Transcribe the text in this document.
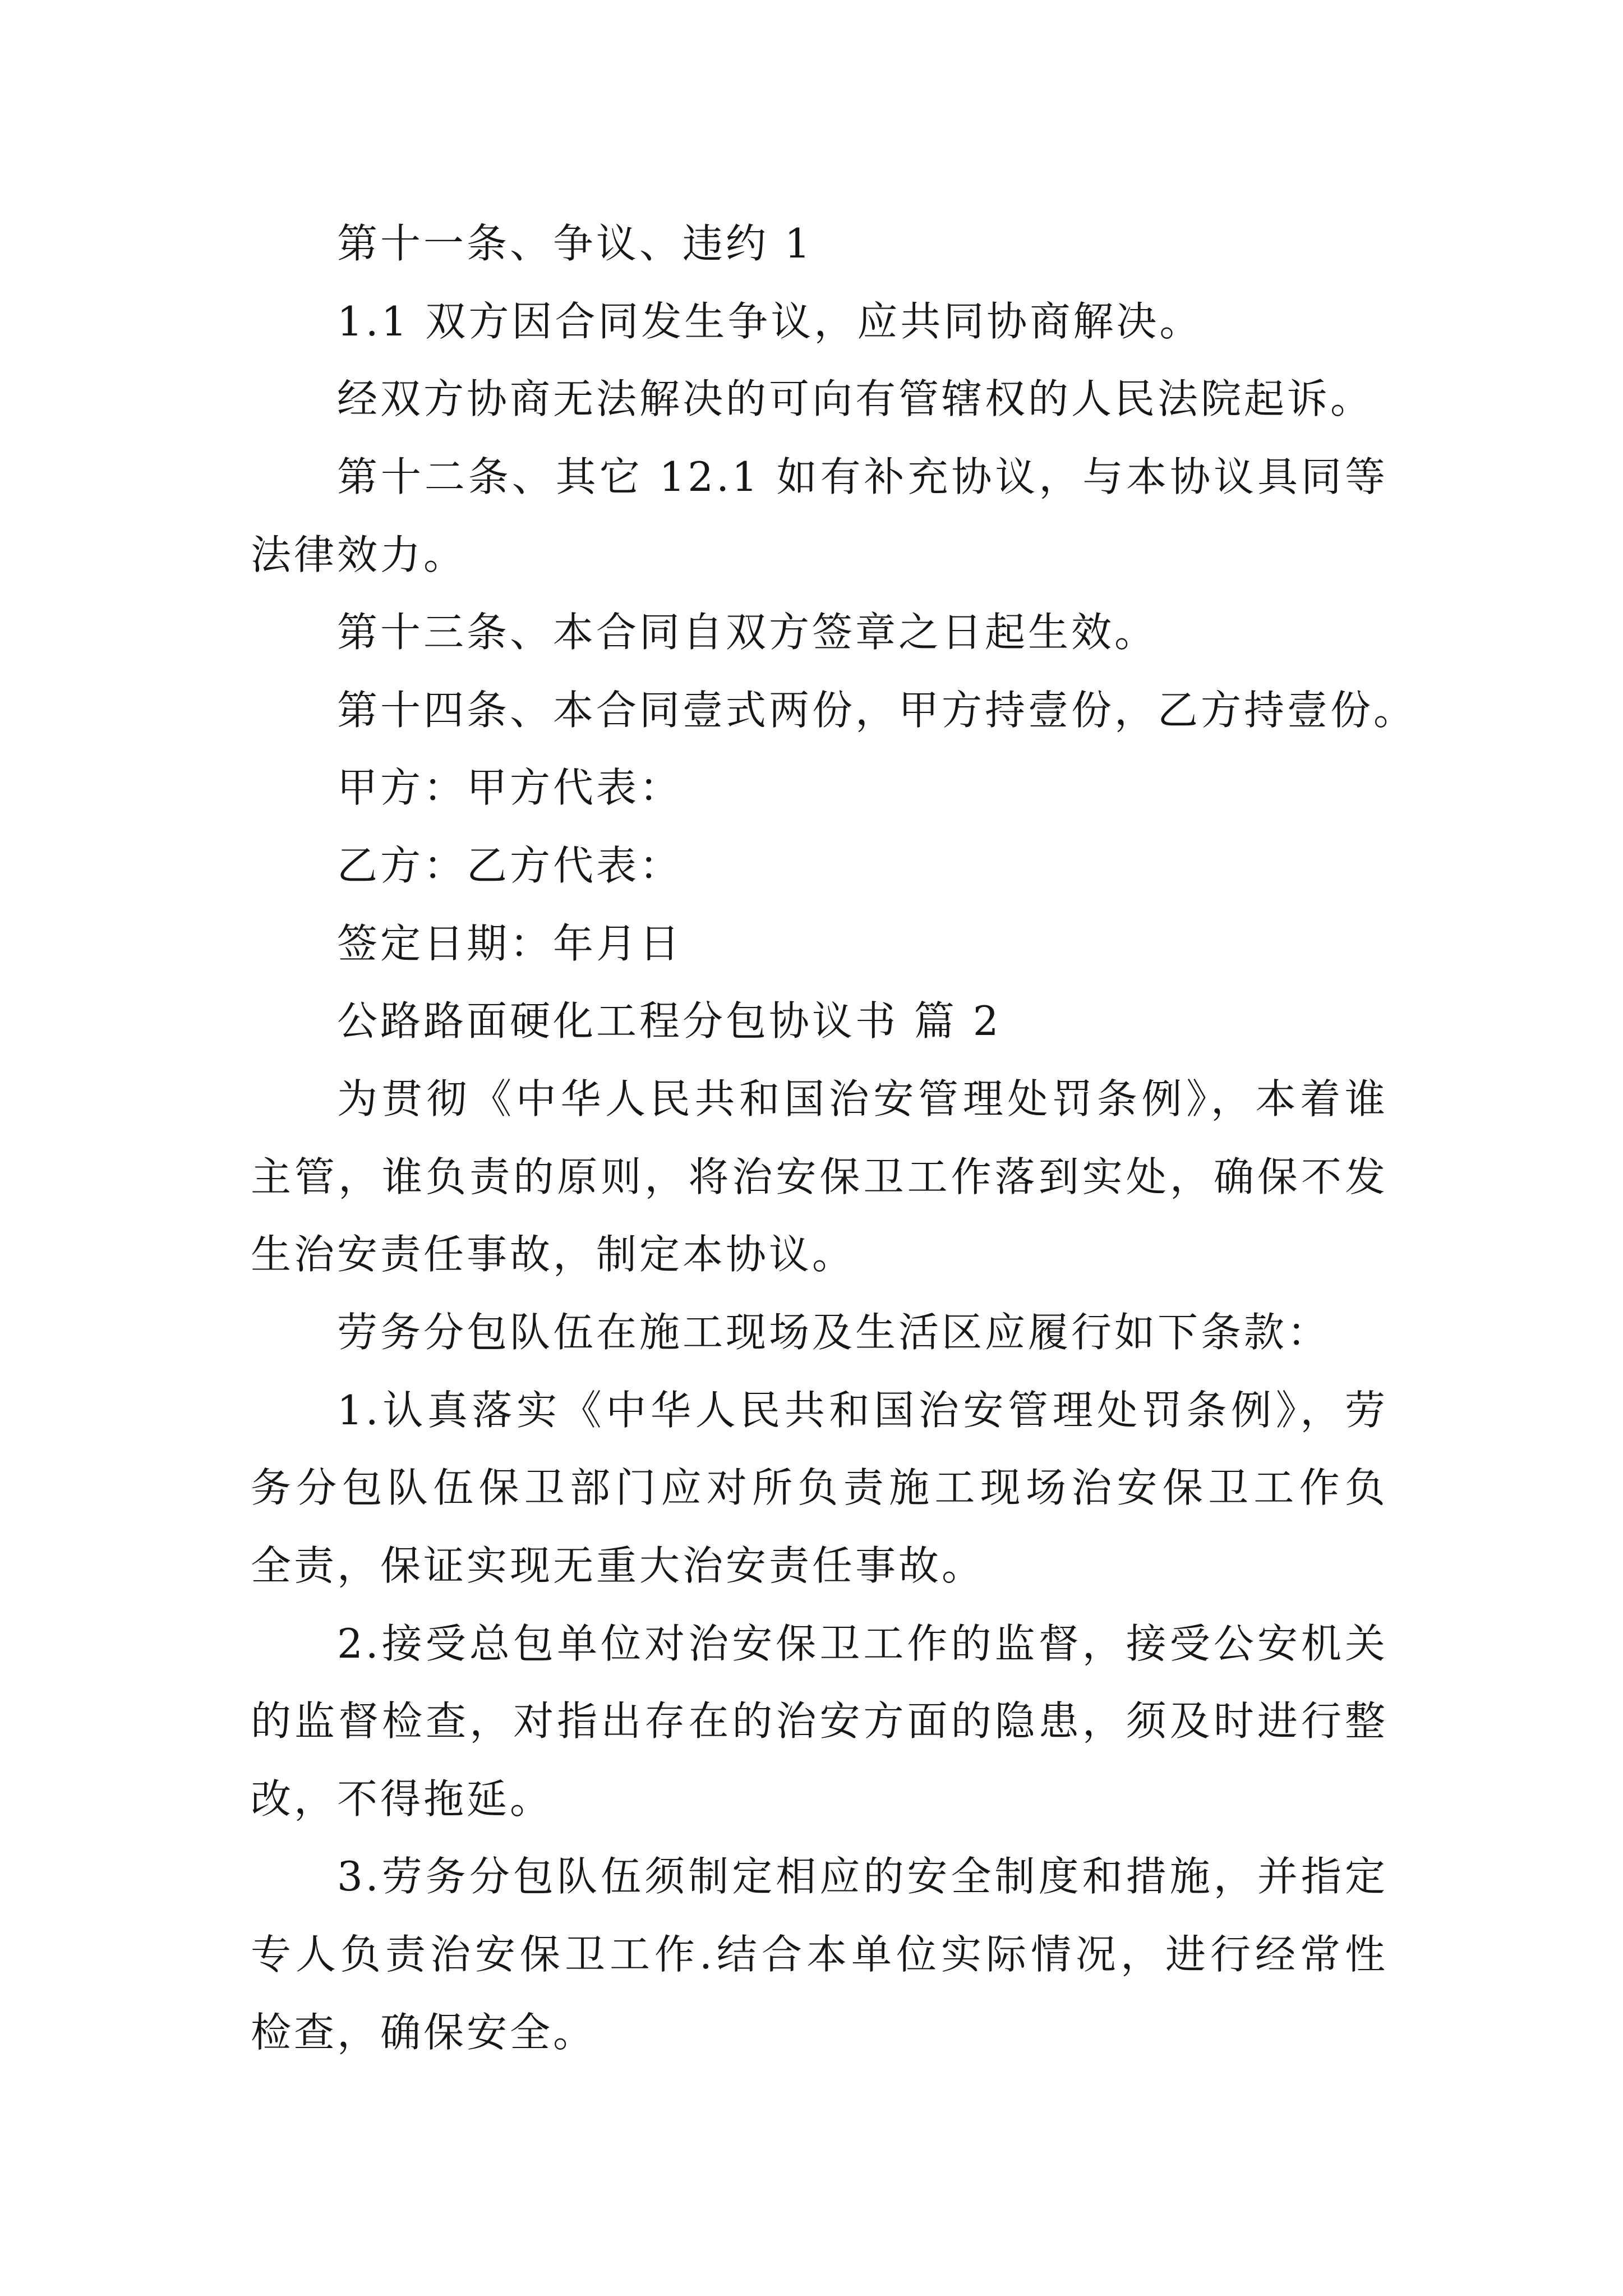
第十一条、争议、违约 1
1.1 双方因合同发生争议，应共同协商解决。
经双方协商无法解决的可向有管辖权的人民法院起诉。
第十二条、其它 12.1 如有补充协议，与本协议具同等
法律效力。
第十三条、本合同自双方签章之日起生效。
第十四条、本合同壹式两份，甲方持壹份，乙方持壹份。
甲方：甲方代表：
乙方：乙方代表：
签定日期：年月日
公路路面硬化工程分包协议书 篇 2
为贯彻《中华人民共和国治安管理处罚条例》，本着谁
主管，谁负责的原则，将治安保卫工作落到实处，确保不发
生治安责任事故，制定本协议。
劳务分包队伍在施工现场及生活区应履行如下条款：
1.认真落实《中华人民共和国治安管理处罚条例》，劳
务分包队伍保卫部门应对所负责施工现场治安保卫工作负
全责，保证实现无重大治安责任事故。
2.接受总包单位对治安保卫工作的监督，接受公安机关
的监督检查，对指出存在的治安方面的隐患，须及时进行整
改，不得拖延。
3.劳务分包队伍须制定相应的安全制度和措施，并指定
专人负责治安保卫工作.结合本单位实际情况，进行经常性
检查，确保安全。
